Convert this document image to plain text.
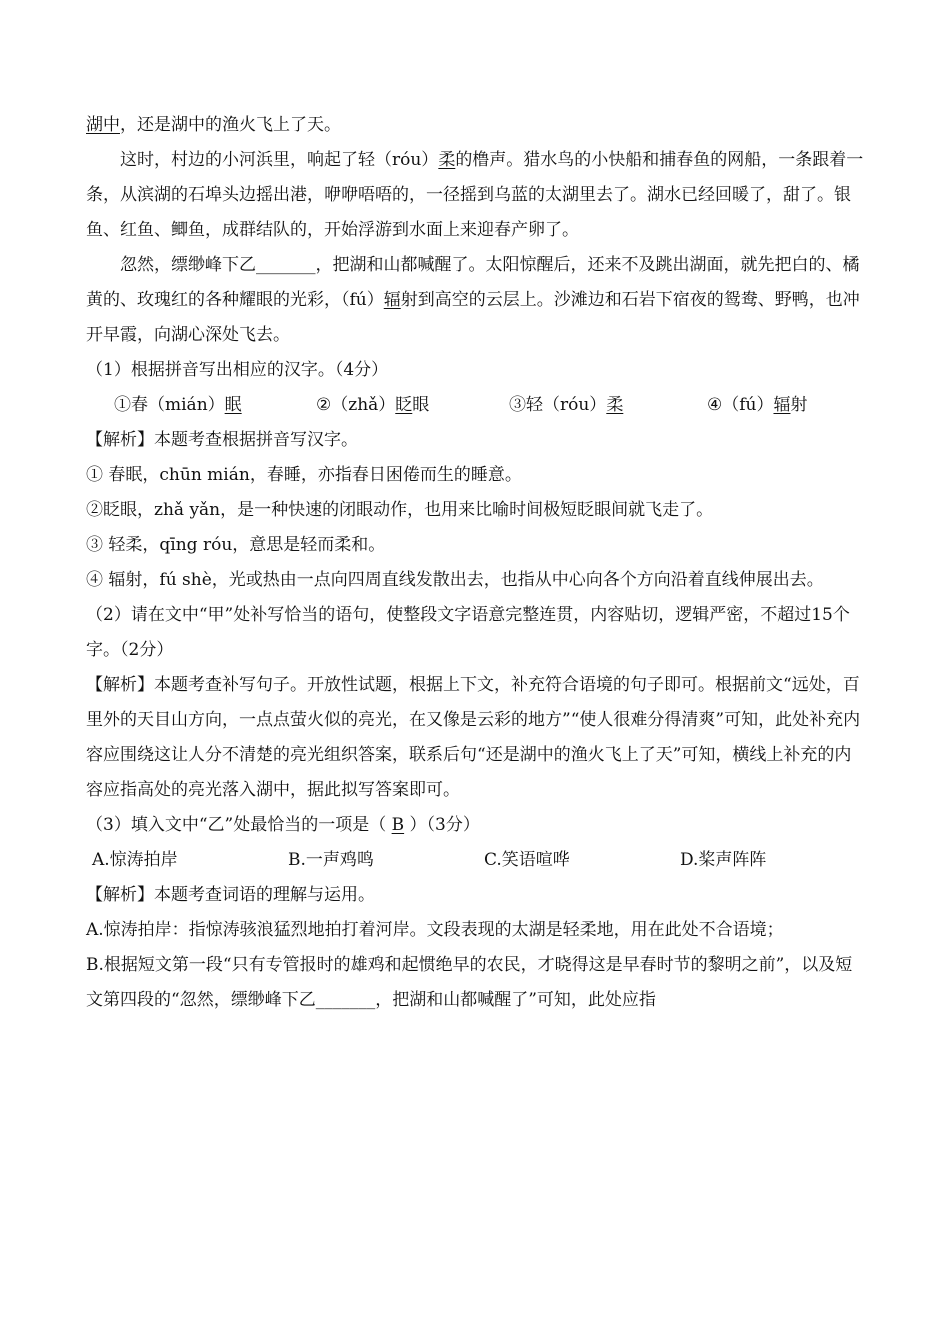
湖中，还是湖中的渔火飞上了天。

这时，村边的小河浜里，响起了轻（róu）柔的橹声。猎水鸟的小快船和捕春鱼的网船，一条跟着一条，从滨湖的石埠头边摇出港，咿咿唔唔的，一径摇到乌蓝的太湖里去了。湖水已经回暖了，甜了。银鱼、红鱼、鲫鱼，成群结队的，开始浮游到水面上来迎春产卵了。

忽然，缥缈峰下乙_______，把湖和山都喊醒了。太阳惊醒后，还来不及跳出湖面，就先把白的、橘黄的、玫瑰红的各种耀眼的光彩，（fú）辐射到高空的云层上。沙滩边和石岩下宿夜的鸳鸯、野鸭，也冲开早霞，向湖心深处飞去。

（1）根据拼音写出相应的汉字。（4分）

①春（mián）眠	②（zhǎ）眨眼	③轻（róu）柔	④（fú）辐射

【解析】本题考查根据拼音写汉字。

① 春眠，chūn mián，春睡，亦指春日困倦而生的睡意。

②眨眼，zhǎ yǎn，是一种快速的闭眼动作，也用来比喻时间极短眨眼间就飞走了。

③ 轻柔，qīng róu，意思是轻而柔和。

④ 辐射，fú shè，光或热由一点向四周直线发散出去，也指从中心向各个方向沿着直线伸展出去。

（2）请在文中“甲”处补写恰当的语句，使整段文字语意完整连贯，内容贴切，逻辑严密，不超过15个字。（2分）

【解析】本题考查补写句子。开放性试题，根据上下文，补充符合语境的句子即可。根据前文“远处，百里外的天目山方向，一点点萤火似的亮光，在又像是云彩的地方”“使人很难分得清爽”可知，此处补充内容应围绕这让人分不清楚的亮光组织答案，联系后句“还是湖中的渔火飞上了天”可知，横线上补充的内容应指高处的亮光落入湖中，据此拟写答案即可。

（3）填入文中“乙”处最恰当的一项是（ B ）（3分）

A.惊涛拍岸	B.一声鸡鸣	C.笑语喧哗	D.桨声阵阵

【解析】本题考查词语的理解与运用。

A.惊涛拍岸：指惊涛骇浪猛烈地拍打着河岸。文段表现的太湖是轻柔地，用在此处不合语境；

B.根据短文第一段“只有专管报时的雄鸡和起惯绝早的农民，才晓得这是早春时节的黎明之前”，以及短文第四段的“忽然，缥缈峰下乙_______，把湖和山都喊醒了”可知，此处应指
